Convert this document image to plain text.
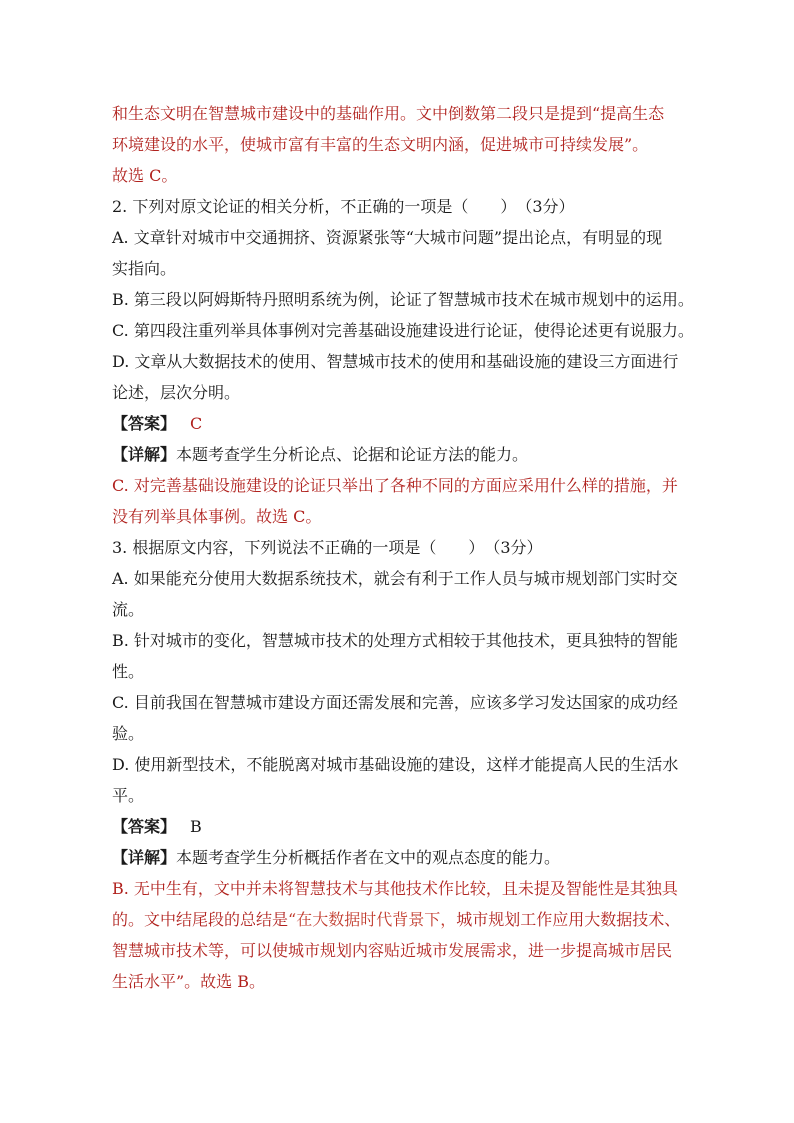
和生态文明在智慧城市建设中的基础作用。文中倒数第二段只是提到“提高生态
环境建设的水平，使城市富有丰富的生态文明内涵，促进城市可持续发展”。
故选 C。
2. 下列对原文论证的相关分析，不正确的一项是（　　）　（3分）
A. 文章针对城市中交通拥挤、资源紧张等“大城市问题”提出论点，有明显的现
实指向。
B. 第三段以阿姆斯特丹照明系统为例，论证了智慧城市技术在城市规划中的运用。
C. 第四段注重列举具体事例对完善基础设施建设进行论证，使得论述更有说服力。
D. 文章从大数据技术的使用、智慧城市技术的使用和基础设施的建设三方面进行
论述，层次分明。
【答案】 C
【详解】本题考查学生分析论点、论据和论证方法的能力。
C. 对完善基础设施建设的论证只举出了各种不同的方面应采用什么样的措施，并
没有列举具体事例。故选 C。
3. 根据原文内容，下列说法不正确的一项是（　　）　（3分）
A. 如果能充分使用大数据系统技术，就会有利于工作人员与城市规划部门实时交
流。
B. 针对城市的变化，智慧城市技术的处理方式相较于其他技术，更具独特的智能
性。
C. 目前我国在智慧城市建设方面还需发展和完善，应该多学习发达国家的成功经
验。
D. 使用新型技术，不能脱离对城市基础设施的建设，这样才能提高人民的生活水
平。
【答案】 B
【详解】本题考查学生分析概括作者在文中的观点态度的能力。
B. 无中生有，文中并未将智慧技术与其他技术作比较，且未提及智能性是其独具
的。文中结尾段的总结是“在大数据时代背景下，城市规划工作应用大数据技术、
智慧城市技术等，可以使城市规划内容贴近城市发展需求，进一步提高城市居民
生活水平”。故选 B。
